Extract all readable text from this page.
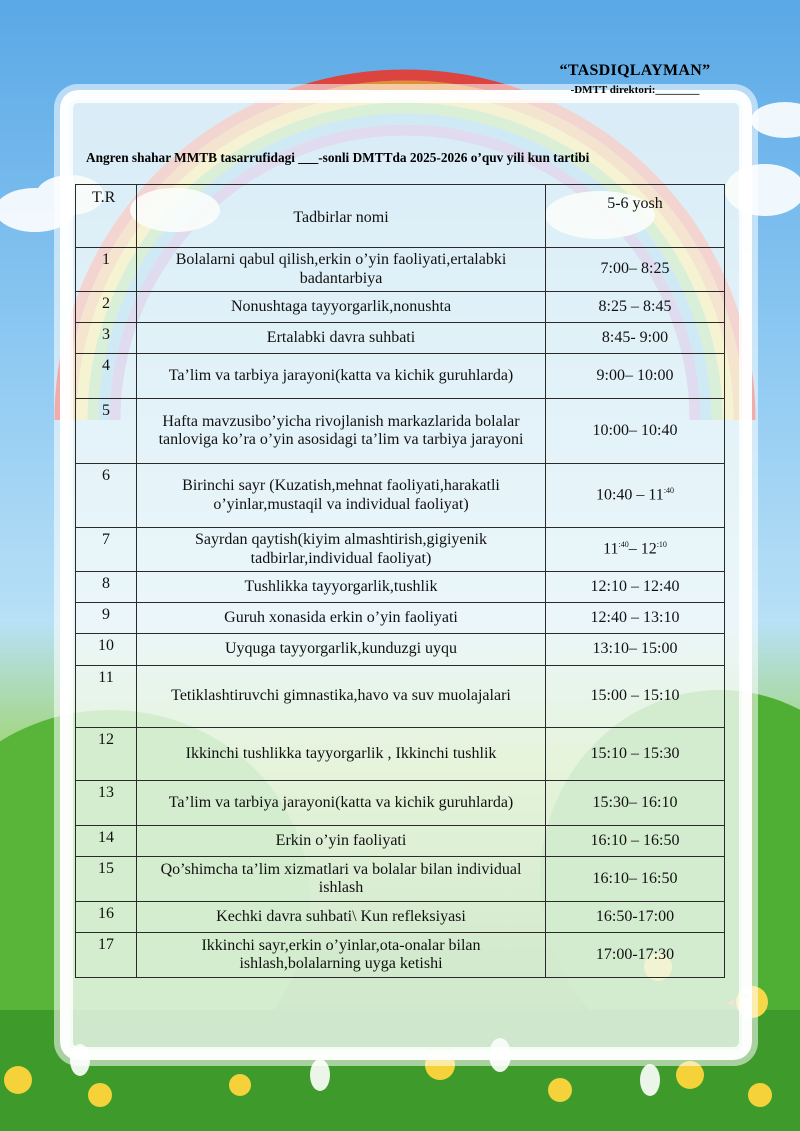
“TASDIQLAYMAN”
-DMTT direktori:________
Angren shahar MMTB tasarrufidagi ___-sonli DMTTda 2025-2026 o’quv yili kun tartibi
T.R	Tadbirlar nomi	5-6 yosh
1	Bolalarni qabul qilish,erkin o’yin faoliyati,ertalabki badantarbiya	7:00– 8:25
2	Nonushtaga tayyorgarlik,nonushta	8:25 – 8:45
3	Ertalabki davra suhbati	8:45- 9:00
4	Ta’lim va tarbiya jarayoni(katta va kichik guruhlarda)	9:00– 10:00
5	Hafta mavzusibo’yicha rivojlanish markazlarida bolalar tanloviga ko’ra o’yin asosidagi ta’lim va tarbiya jarayoni	10:00– 10:40
6	Birinchi sayr (Kuzatish,mehnat faoliyati,harakatli o’yinlar,mustaqil va individual faoliyat)	10:40 – $11^{:40}$
7	Sayrdan qaytish(kiyim almashtirish,gigiyenik tadbirlar,individual faoliyat)	$11^{:40}-$ $12^{:10}$
8	Tushlikka tayyorgarlik,tushlik	12:10 – 12:40
9	Guruh xonasida erkin o’yin faoliyati	12:40 – 13:10
10	Uyquga tayyorgarlik,kunduzgi uyqu	13:10– 15:00
11	Tetiklashtiruvchi gimnastika,havo va suv muolajalari	15:00 – 15:10
12	Ikkinchi tushlikka tayyorgarlik , Ikkinchi tushlik	15:10 – 15:30
13	Ta’lim va tarbiya jarayoni(katta va kichik guruhlarda)	15:30– 16:10
14	Erkin o’yin faoliyati	16:10 – 16:50
15	Qo’shimcha ta’lim xizmatlari va bolalar bilan individual ishlash	16:10– 16:50
16	Kechki davra suhbati\ Kun refleksiyasi	16:50-17:00
17	Ikkinchi sayr,erkin o’yinlar,ota-onalar bilan ishlash,bolalarning uyga ketishi	17:00-17:30
